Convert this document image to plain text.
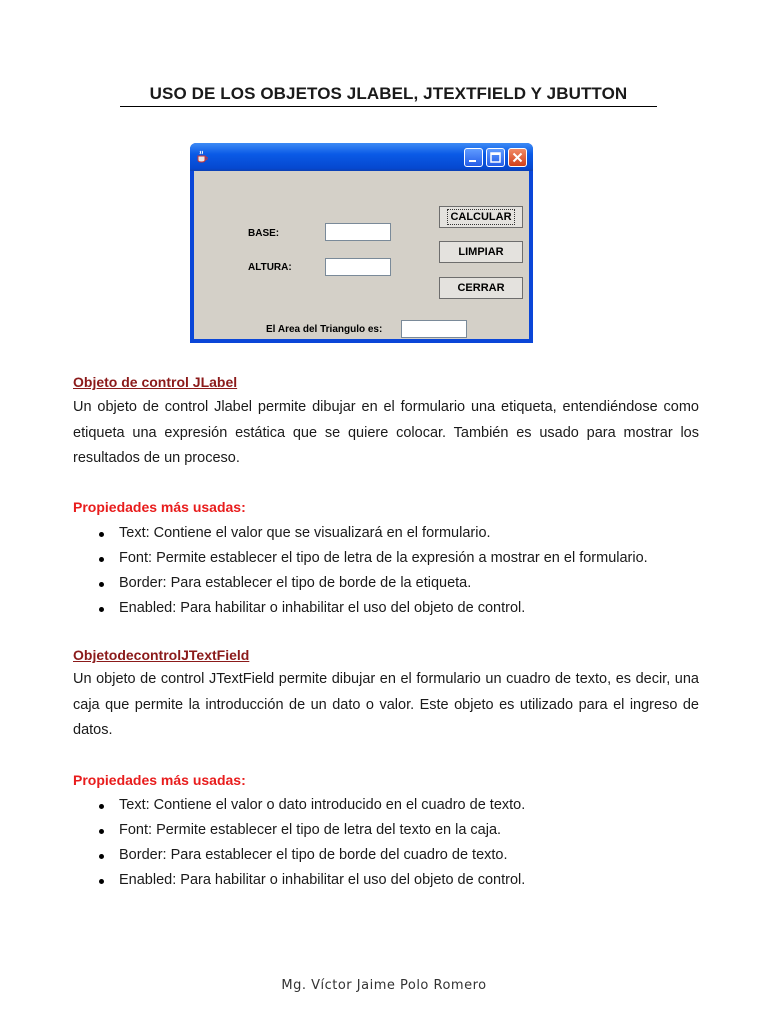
USO DE LOS OBJETOS JLABEL, JTEXTFIELD Y JBUTTON
BASE:
ALTURA:
El Area del Triangulo es:
CALCULAR
LIMPIAR
CERRAR
Objeto de control JLabel

Un objeto de control Jlabel permite dibujar en el formulario una etiqueta, entendiéndose como etiqueta una expresión estática que se quiere colocar. También es usado para mostrar los resultados de un proceso.

Propiedades más usadas:
Text: Contiene el valor que se visualizará en el formulario.
Font: Permite establecer el tipo de letra de la expresión a mostrar en el formulario.
Border: Para establecer el tipo de borde de la etiqueta.
Enabled: Para habilitar o inhabilitar el uso del objeto de control.
ObjetodecontrolJTextField

Un objeto de control JTextField permite dibujar en el formulario un cuadro de texto, es decir, una caja que permite la introducción de un dato o valor. Este objeto es utilizado para el ingreso de datos.

Propiedades más usadas:
Text: Contiene el valor o dato introducido en el cuadro de texto.
Font: Permite establecer el tipo de letra del texto en la caja.
Border: Para establecer el tipo de borde del cuadro de texto.
Enabled: Para habilitar o inhabilitar el uso del objeto de control.
Mg. Víctor Jaime Polo Romero
